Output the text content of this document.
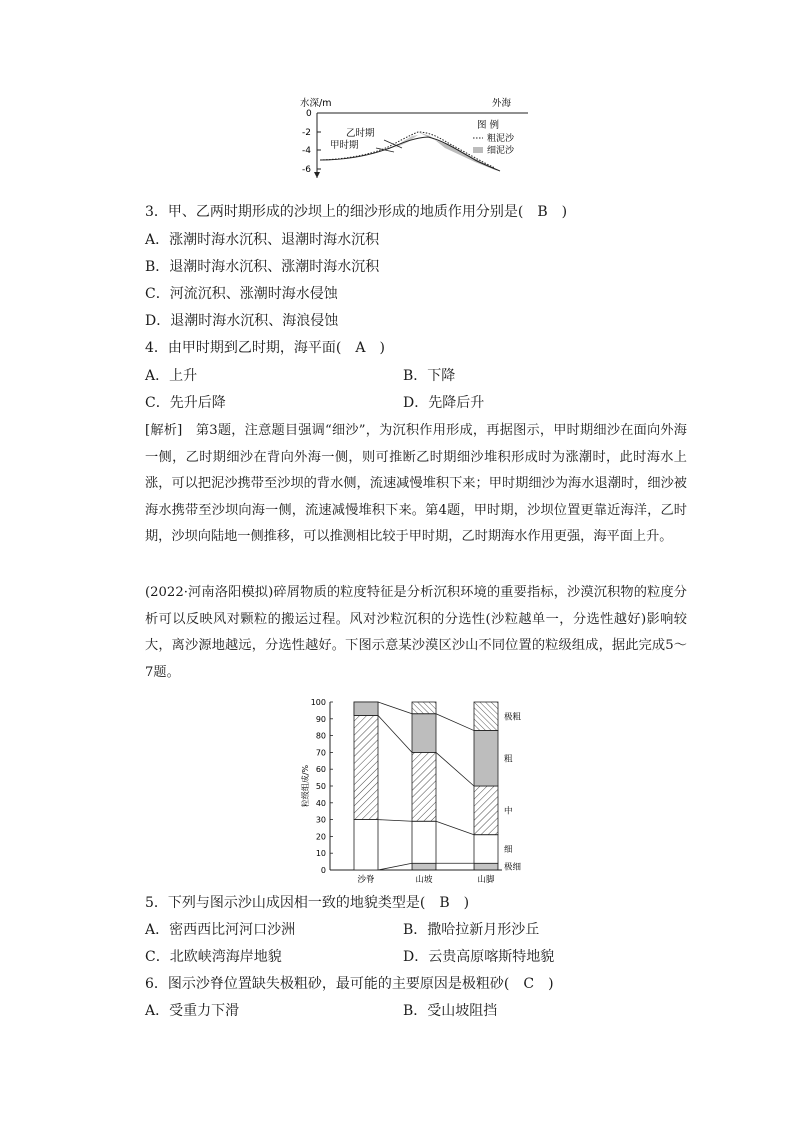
水深/m	外海
0
-2
-4
-6
乙时期
甲时期
图 例
粗泥沙
细泥沙
3．甲、乙两时期形成的沙坝上的细沙形成的地质作用分别是(　B　)
A．涨潮时海水沉积、退潮时海水沉积
B．退潮时海水沉积、涨潮时海水沉积
C．河流沉积、涨潮时海水侵蚀
D．退潮时海水沉积、海浪侵蚀
4．由甲时期到乙时期，海平面(　A　)
A．上升	B．下降
C．先升后降	D．先降后升
[解析]　第3题，注意题目强调“细沙”，为沉积作用形成，再据图示，甲时期细沙在面向外海一侧，乙时期细沙在背向外海一侧，则可推断乙时期细沙堆积形成时为涨潮时，此时海水上涨，可以把泥沙携带至沙坝的背水侧，流速减慢堆积下来；甲时期细沙为海水退潮时，细沙被海水携带至沙坝向海一侧，流速减慢堆积下来。第4题，甲时期，沙坝位置更靠近海洋，乙时期，沙坝向陆地一侧推移，可以推测相比较于甲时期，乙时期海水作用更强，海平面上升。
(2022·河南洛阳模拟)碎屑物质的粒度特征是分析沉积环境的重要指标，沙漠沉积物的粒度分析可以反映风对颗粒的搬运过程。风对沙粒沉积的分选性(沙粒越单一，分选性越好)影响较大，离沙源地越远，分选性越好。下图示意某沙漠区沙山不同位置的粒级组成，据此完成5～7题。
0
10
20
30
40
50
60
70
80
90
100
粒级组成/%
沙脊	山坡	山脚
极粗
粗
中
细
极细
5．下列与图示沙山成因相一致的地貌类型是(　B　)
A．密西西比河河口沙洲	B．撒哈拉新月形沙丘
C．北欧峡湾海岸地貌	D．云贵高原喀斯特地貌
6．图示沙脊位置缺失极粗砂，最可能的主要原因是极粗砂(　C　)
A．受重力下滑	B．受山坡阻挡
